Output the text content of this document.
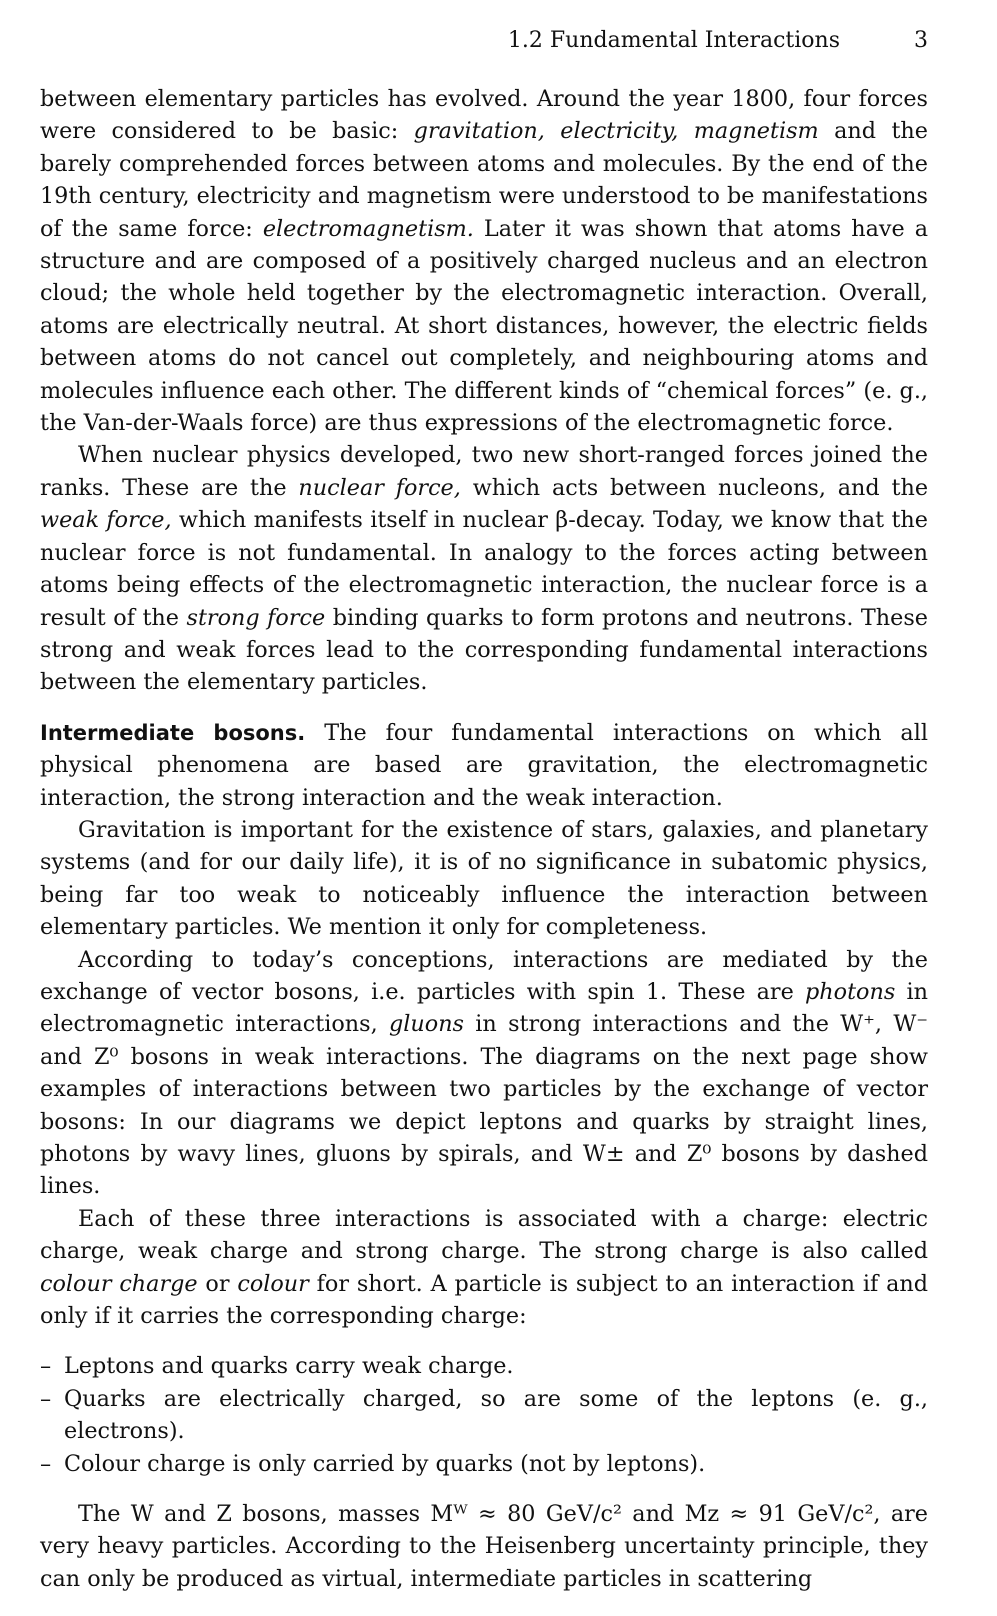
1.2 Fundamental Interactions	3

between elementary particles has evolved. Around the year 1800, four forces were considered to be basic: gravitation, electricity, magnetism and the barely comprehended forces between atoms and molecules. By the end of the 19th century, electricity and magnetism were understood to be manifestations of the same force: electromagnetism. Later it was shown that atoms have a structure and are composed of a positively charged nucleus and an electron cloud; the whole held together by the electromagnetic interaction. Overall, atoms are electrically neutral. At short distances, however, the electric fields between atoms do not cancel out completely, and neighbouring atoms and molecules influence each other. The different kinds of “chemical forces” (e. g., the Van-der-Waals force) are thus expressions of the electromagnetic force.

When nuclear physics developed, two new short-ranged forces joined the ranks. These are the nuclear force, which acts between nucleons, and the weak force, which manifests itself in nuclear β-decay. Today, we know that the nuclear force is not fundamental. In analogy to the forces acting between atoms being effects of the electromagnetic interaction, the nuclear force is a result of the strong force binding quarks to form protons and neutrons. These strong and weak forces lead to the corresponding fundamental interactions between the elementary particles.

Intermediate bosons. The four fundamental interactions on which all physical phenomena are based are gravitation, the electromagnetic interaction, the strong interaction and the weak interaction.

Gravitation is important for the existence of stars, galaxies, and planetary systems (and for our daily life), it is of no significance in subatomic physics, being far too weak to noticeably influence the interaction between elementary particles. We mention it only for completeness.

According to today’s conceptions, interactions are mediated by the exchange of vector bosons, i.e. particles with spin 1. These are photons in electromagnetic interactions, gluons in strong interactions and the W⁺, W⁻ and Z⁰ bosons in weak interactions. The diagrams on the next page show examples of interactions between two particles by the exchange of vector bosons: In our diagrams we depict leptons and quarks by straight lines, photons by wavy lines, gluons by spirals, and W± and Z⁰ bosons by dashed lines.

Each of these three interactions is associated with a charge: electric charge, weak charge and strong charge. The strong charge is also called colour charge or colour for short. A particle is subject to an interaction if and only if it carries the corresponding charge:

– Leptons and quarks carry weak charge.
– Quarks are electrically charged, so are some of the leptons (e. g., electrons).
– Colour charge is only carried by quarks (not by leptons).

The W and Z bosons, masses Mᵂ ≈ 80 GeV/c² and Mᴢ ≈ 91 GeV/c², are very heavy particles. According to the Heisenberg uncertainty principle, they can only be produced as virtual, intermediate particles in scattering
